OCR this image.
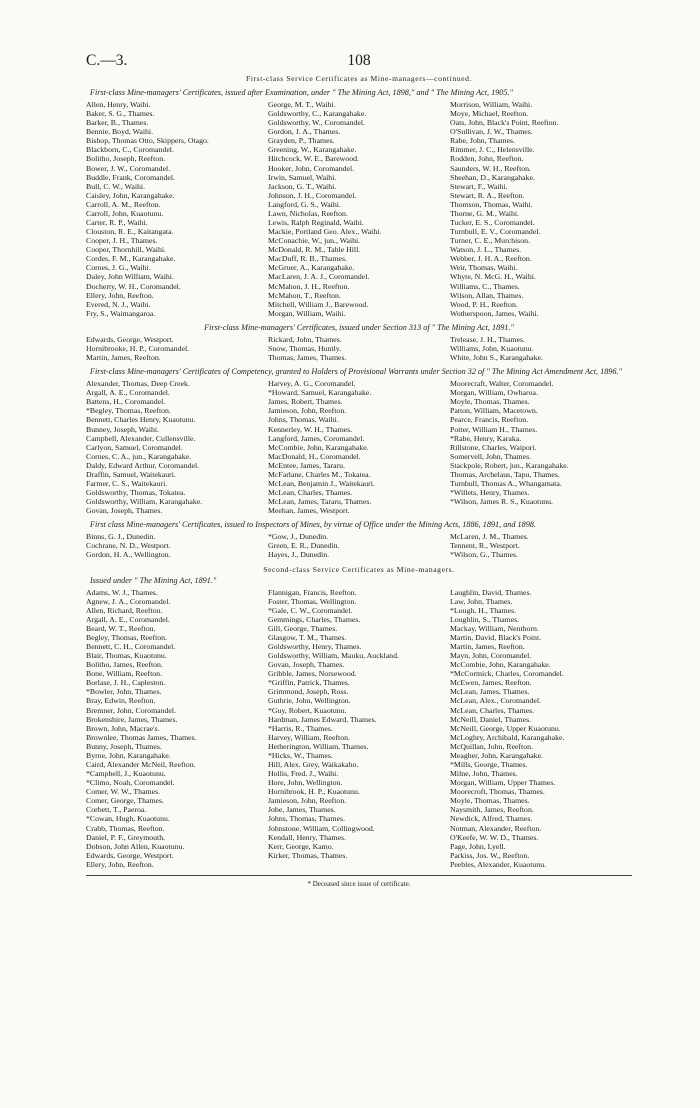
C.—3.	108

First-class Service Certificates as Mine-managers—continued.

First-class Mine-managers' Certificates, issued after Examination, under " The Mining Act, 1898," and " The Mining Act, 1905."

Allen, Henry, Waihi.
Baker, S. G., Thames.
Barker, B., Thames.
Bennie, Boyd, Waihi.
Bishop, Thomas Otto, Skippers, Otago.
Blackborn, C., Coromandel.
Bolitho, Joseph, Reefton.
Bower, J. W., Coromandel.
Buddle, Frank, Coromandel.
Bull, C. W., Waihi.
Caisley, John, Karangahake.
Carroll, A. M., Reefton.
Carroll, John, Kuaotunu.
Carter, R. P., Waihi.
Clouston, R. E., Kaitangata.
Cooper, J. H., Thames.
Cooper, Thornhill, Waihi.
Cordes, F. M., Karangahake.
Cornes, J. G., Waihi.
Daley, John William, Waihi.
Docherty, W. H., Coromandel.
Ellery, John, Reefton.
Evered, N. J., Waihi.
Fry, S., Waimangaroa.
George, M. T., Waihi.
Goldsworthy, C., Karangahake.
Goldsworthy, W., Coromandel.
Gordon, J. A., Thames.
Grayden, P., Thames.
Greening, W., Karangahake.
Hitchcock, W. E., Barewood.
Hooker, John, Coromandel.
Irwin, Samuel, Waihi.
Jackson, G. T., Waihi.
Johnson, J. H., Coromandel.
Langford, G. S., Waihi.
Lawn, Nicholas, Reefton.
Lewis, Ralph Reginald, Waihi.
Mackie, Portland Geo. Alex., Waihi.
McConachie, W., jun., Waihi.
McDonald, R. M., Table Hill.
MacDuff, R. B., Thames.
McGruer, A., Karangahake.
MacLaren, J. A. J., Coromandel.
McMahon, J. H., Reefton.
McMahon, T., Reefton.
Mitchell, William J., Barewood.
Morgan, William, Waihi.
Morrison, William, Waihi.
Moye, Michael, Reefton.
Oats, John, Black's Point, Reefton.
O'Sullivan, J. W., Thames.
Rabe, John, Thames.
Rimmer, J. C., Helensville.
Rodden, John, Reefton.
Saunders, W. H., Reefton.
Sheehan, D., Karangahake.
Stewart, F., Waihi.
Stewart, R. A., Reefton.
Thomson, Thomas, Waihi.
Thorne, G. M., Waihi.
Tucker, E. S., Coromandel.
Turnbull, E. V., Coromandel.
Turner, C. E., Murchison.
Watson, J. L., Thames.
Webber, J. H. A., Reefton.
Weir, Thomas, Waihi.
Whyte, N. McG. H., Waihi.
Williams, C., Thames.
Wilson, Allan, Thames.
Wood, P. H., Reefton.
Wotherspoon, James, Waihi.

First-class Mine-managers' Certificates, issued under Section 313 of " The Mining Act, 1891."

Edwards, George, Westport.
Hornibrooke, H. P., Coromandel.
Martin, James, Reefton.
Rickard, John, Thames.
Snow, Thomas, Huntly.
Thomas, James, Thames.
Trelease, J. H., Thames.
Williams, John, Kuaotunu.
White, John S., Karangahake.

First-class Mine-managers' Certificates of Competency, granted to Holders of Provisional Warrants under Section 32 of " The Mining Act Amendment Act, 1896."

Alexander, Thomas, Deep Creek.
Argall, A. E., Coromandel.
Battens, H., Coromandel.
*Begley, Thomas, Reefton.
Bennett, Charles Henry, Kuaotunu.
Bunney, Joseph, Waihi.
Campbell, Alexander, Cullensville.
Carlyon, Samuel, Coromandel.
Cornes, C. A., jun., Karangahake.
Daldy, Edward Arthur, Coromandel.
Draffin, Samuel, Waitekauri.
Farmer, C. S., Waitekauri.
Goldsworthy, Thomas, Tokatea.
Goldsworthy, William, Karangahake.
Govan, Joseph, Thames.
Harvey, A. G., Coromandel.
*Howard, Samuel, Karangahake.
James, Robert, Thames.
Jamieson, John, Reefton.
Johns, Thomas, Waihi.
Kennerley, W. H., Thames.
Langford, James, Coromandel.
McCombie, John, Karangahake.
MacDonald, H., Coromandel.
McEntee, James, Tararu.
McFarlane, Charles M., Tokatea.
McLean, Benjamin J., Waitekauri.
McLean, Charles, Thames.
McLean, James, Tararu, Thames.
Meehan, James, Westport.
Moorecraft, Walter, Coromandel.
Morgan, William, Owharoa.
Moyle, Thomas, Thames.
Patton, William, Macetown.
Pearce, Francis, Reefton.
Potter, William H., Thames.
*Rabe, Henry, Karaka.
Rillstone, Charles, Waipori.
Somervell, John, Thames.
Stackpole, Robert, jun., Karangahake.
Thomas, Archelaus, Tapu, Thames.
Turnbull, Thomas A., Whangamata.
*Willets, Henry, Thames.
*Wilson, James R. S., Kuaotunu.

First class Mine-managers' Certificates, issued to Inspectors of Mines, by virtue of Office under the Mining Acts, 1886, 1891, and 1898.

Binns, G. J., Dunedin.
Cochrane, N. D., Westport.
Gordon, H. A., Wellington.
*Gow, J., Dunedin.
Green, E. R., Dunedin.
Hayes, J., Dunedin.
McLaren, J. M., Thames.
Tennent, R., Westport.
*Wilson, G., Thames.

Second-class Service Certificates as Mine-managers.

Issued under " The Mining Act, 1891."

Adams, W. J., Thames.
Agnew, J. A., Coromandel.
Allen, Richard, Reefton.
Argall, A. E., Coromandel.
Beard, W. T., Reefton.
Begley, Thomas, Reefton.
Bennett, C. H., Coromandel.
Blair, Thomas, Kuaotunu.
Bolitho, James, Reefton.
Bone, William, Reefton.
Borlase, J. H., Capleston.
*Bowler, John, Thames.
Bray, Edwin, Reefton.
Bremner, John, Coromandel.
Brokenshire, James, Thames.
Brown, John, Macrae's.
Brownlee, Thomas James, Thames.
Bunny, Joseph, Thames.
Byrne, John, Karangahake.
Caird, Alexander McNeil, Reefton.
*Campbell, J., Kuaotunu.
*Climo, Noah, Coromandel.
Comer, W. W., Thames.
Comer, George, Thames.
Corbett, T., Paeroa.
*Cowan, Hugh, Kuaotunu.
Crabb, Thomas, Reefton.
Daniel, P. F., Greymouth.
Dobson, John Allen, Kuaotunu.
Edwards, George, Westport.
Ellery, John, Reefton.
Flannigan, Francis, Reefton.
Foster, Thomas, Wellington.
*Gale, C. W., Coromandel.
Gemmings, Charles, Thames.
Gill, George, Thames.
Glasgow, T. M., Thames.
Goldsworthy, Henry, Thames.
Goldsworthy, William, Mauku, Auckland.
Govan, Joseph, Thames.
Gribble, James, Norsewood.
*Griffin, Patrick, Thames.
Grimmond, Joseph, Ross.
Guthrie, John, Wellington.
*Guy, Robert, Kuaotunu.
Hardman, James Edward, Thames.
*Harris, R., Thames.
Harvey, William, Reefton.
Hetherington, William, Thames.
*Hicks, W., Thames.
Hill, Alex. Grey, Waikakaho.
Hollis, Fred. J., Waihi.
Hore, John, Wellington.
Hornibrook, H. P., Kuaotunu.
Jamieson, John, Reefton.
Jobe, James, Thames.
Johns, Thomas, Thames.
Johnstone, William, Collingwood.
Kendall, Henry, Thames.
Kerr, George, Kamo.
Kirker, Thomas, Thames.
Laughlin, David, Thames.
Law, John, Thames.
*Lough, H., Thames.
Loughlin, S., Thames.
Mackay, William, Nenthorn.
Martin, David, Black's Point.
Martin, James, Reefton.
Mayn, John, Coromandel.
McCombie, John, Karangahake.
*McCormick, Charles, Coromandel.
McEwen, James, Reefton.
McLean, James, Thames.
McLean, Alex., Coromandel.
McLean, Charles, Thames.
McNeill, Daniel, Thames.
McNeill, George, Upper Kuaotunu.
McLoghry, Archibald, Karangahake.
McQuillan, John, Reefton.
Meagher, John, Karangahake.
*Mills, George, Thames.
Milne, John, Thames.
Morgan, William, Upper Thames.
Moorecroft, Thomas, Thames.
Moyle, Thomas, Thames.
Naysmith, James, Reefton.
Newdick, Alfred, Thames.
Notman, Alexander, Reefton.
O'Keefe, W. W. D., Thames.
Page, John, Lyell.
Parkiss, Jos. W., Reefton.
Peebles, Alexander, Kuaotunu.

* Deceased since issue of certificate.
